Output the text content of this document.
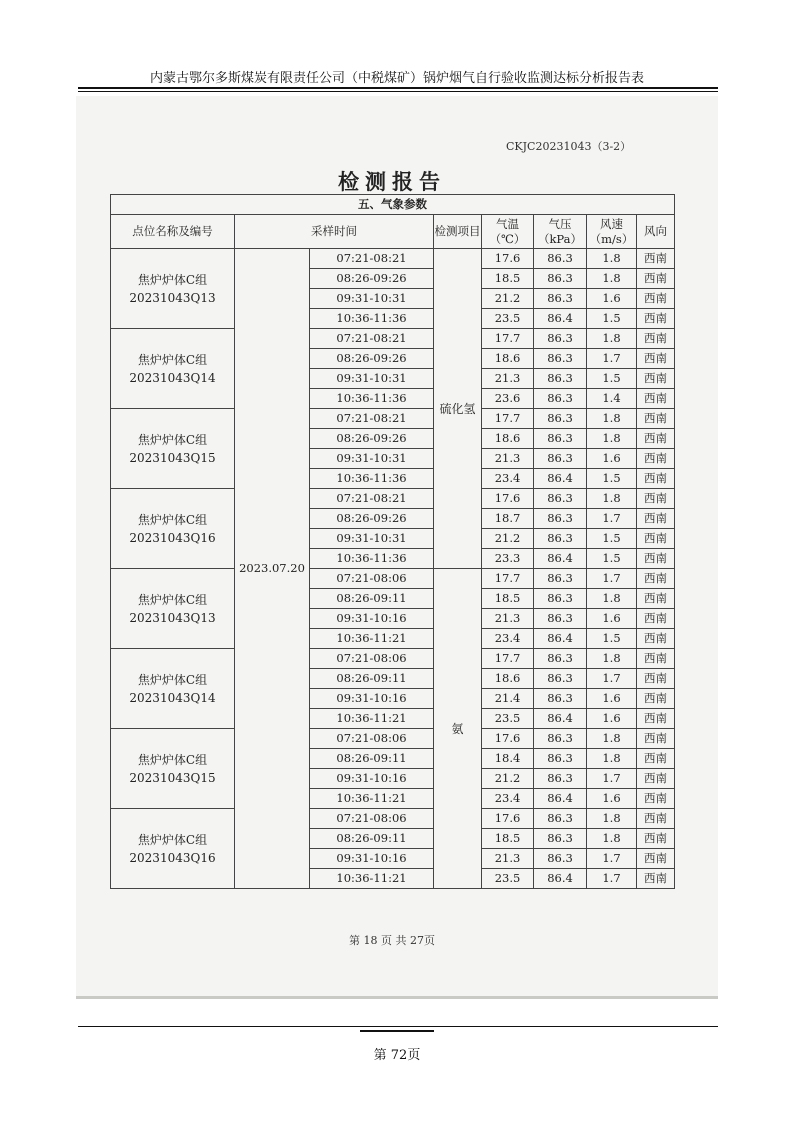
内蒙古鄂尔多斯煤炭有限责任公司（中税煤矿）锅炉烟气自行验收监测达标分析报告表
CKJC20231043（3-2）
检测报告
五、气象参数							
点位名称及编号	采样时间		检测项目	气温（℃）	气压（kPa）	风速（m/s）	风向

焦炉炉体C组
20231043Q13	2023.07.20	07:21-08:21	硫化氢	17.6	86.3	1.8	西南
		08:26-09:26		18.5	86.3	1.8	西南
		09:31-10:31		21.2	86.3	1.6	西南
		10:36-11:36		23.5	86.4	1.5	西南

焦炉炉体C组
20231043Q14		07:21-08:21		17.7	86.3	1.8	西南
		08:26-09:26		18.6	86.3	1.7	西南
		09:31-10:31		21.3	86.3	1.5	西南
		10:36-11:36		23.6	86.3	1.4	西南

焦炉炉体C组
20231043Q15		07:21-08:21		17.7	86.3	1.8	西南
		08:26-09:26		18.6	86.3	1.8	西南
		09:31-10:31		21.3	86.3	1.6	西南
		10:36-11:36		23.4	86.4	1.5	西南

焦炉炉体C组
20231043Q16		07:21-08:21		17.6	86.3	1.8	西南
		08:26-09:26		18.7	86.3	1.7	西南
		09:31-10:31		21.2	86.3	1.5	西南
		10:36-11:36		23.3	86.4	1.5	西南

焦炉炉体C组
20231043Q13		07:21-08:06	氨	17.7	86.3	1.7	西南
		08:26-09:11		18.5	86.3	1.8	西南
		09:31-10:16		21.3	86.3	1.6	西南
		10:36-11:21		23.4	86.4	1.5	西南

焦炉炉体C组
20231043Q14		07:21-08:06		17.7	86.3	1.8	西南
		08:26-09:11		18.6	86.3	1.7	西南
		09:31-10:16		21.4	86.3	1.6	西南
		10:36-11:21		23.5	86.4	1.6	西南

焦炉炉体C组
20231043Q15		07:21-08:06		17.6	86.3	1.8	西南
		08:26-09:11		18.4	86.3	1.8	西南
		09:31-10:16		21.2	86.3	1.7	西南
		10:36-11:21		23.4	86.4	1.6	西南

焦炉炉体C组
20231043Q16		07:21-08:06		17.6	86.3	1.8	西南
		08:26-09:11		18.5	86.3	1.8	西南
		09:31-10:16		21.3	86.3	1.7	西南
		10:36-11:21		23.5	86.4	1.7	西南
第 18 页 共 27页
第 72页
